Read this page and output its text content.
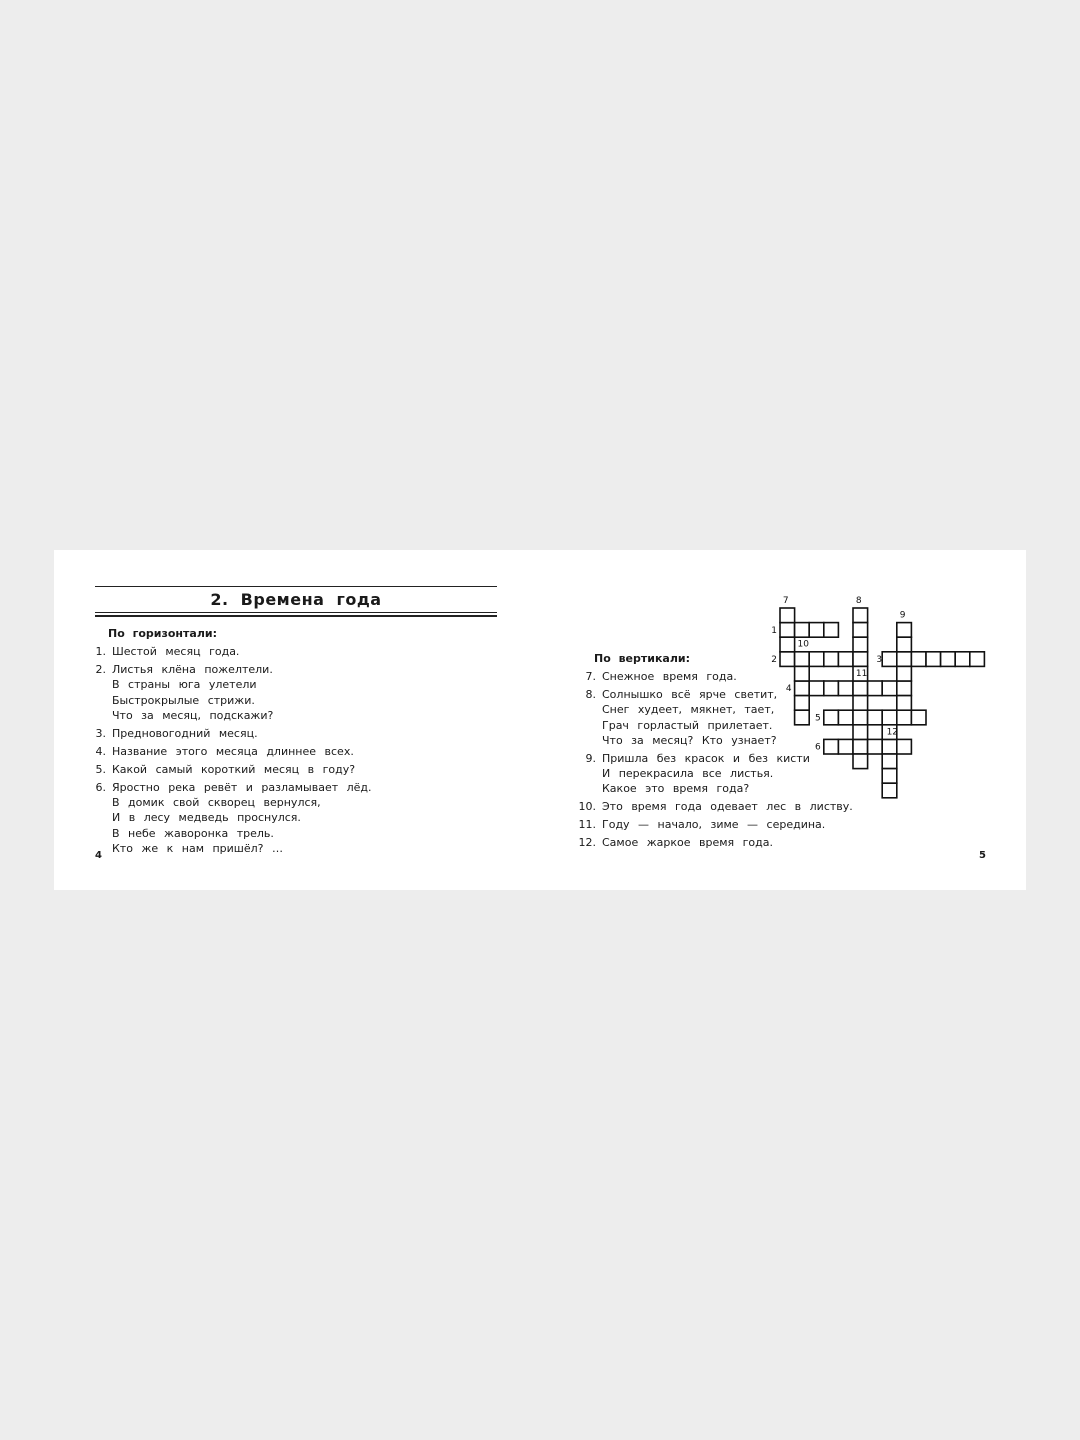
2. Времена года
По горизонтали:
1. Шестой месяц года.
2. Листья клёна пожелтели.
В страны юга улетели
Быстрокрылые стрижи.
Что за месяц, подскажи?
3. Предновогодний месяц.
4. Название этого месяца длиннее всех.
5. Какой самый короткий месяц в году?
6. Яростно река ревёт и разламывает лёд.
В домик свой скворец вернулся,
И в лесу медведь проснулся.
В небе жаворонка трель.
Кто же к нам пришёл? …
4
По вертикали:
7. Снежное время года.
8. Солнышко всё ярче светит,
Снег худеет, мякнет, тает,
Грач горластый прилетает.
Что за месяц? Кто узнает?
9. Пришла без красок и без кисти
И перекрасила все листья.
Какое это время года?
10. Это время года одевает лес в листву.
11. Году — начало, зиме — середина.
12. Самое жаркое время года.
5
1
2	3
4
5
6
7	8
9
10
11
12
